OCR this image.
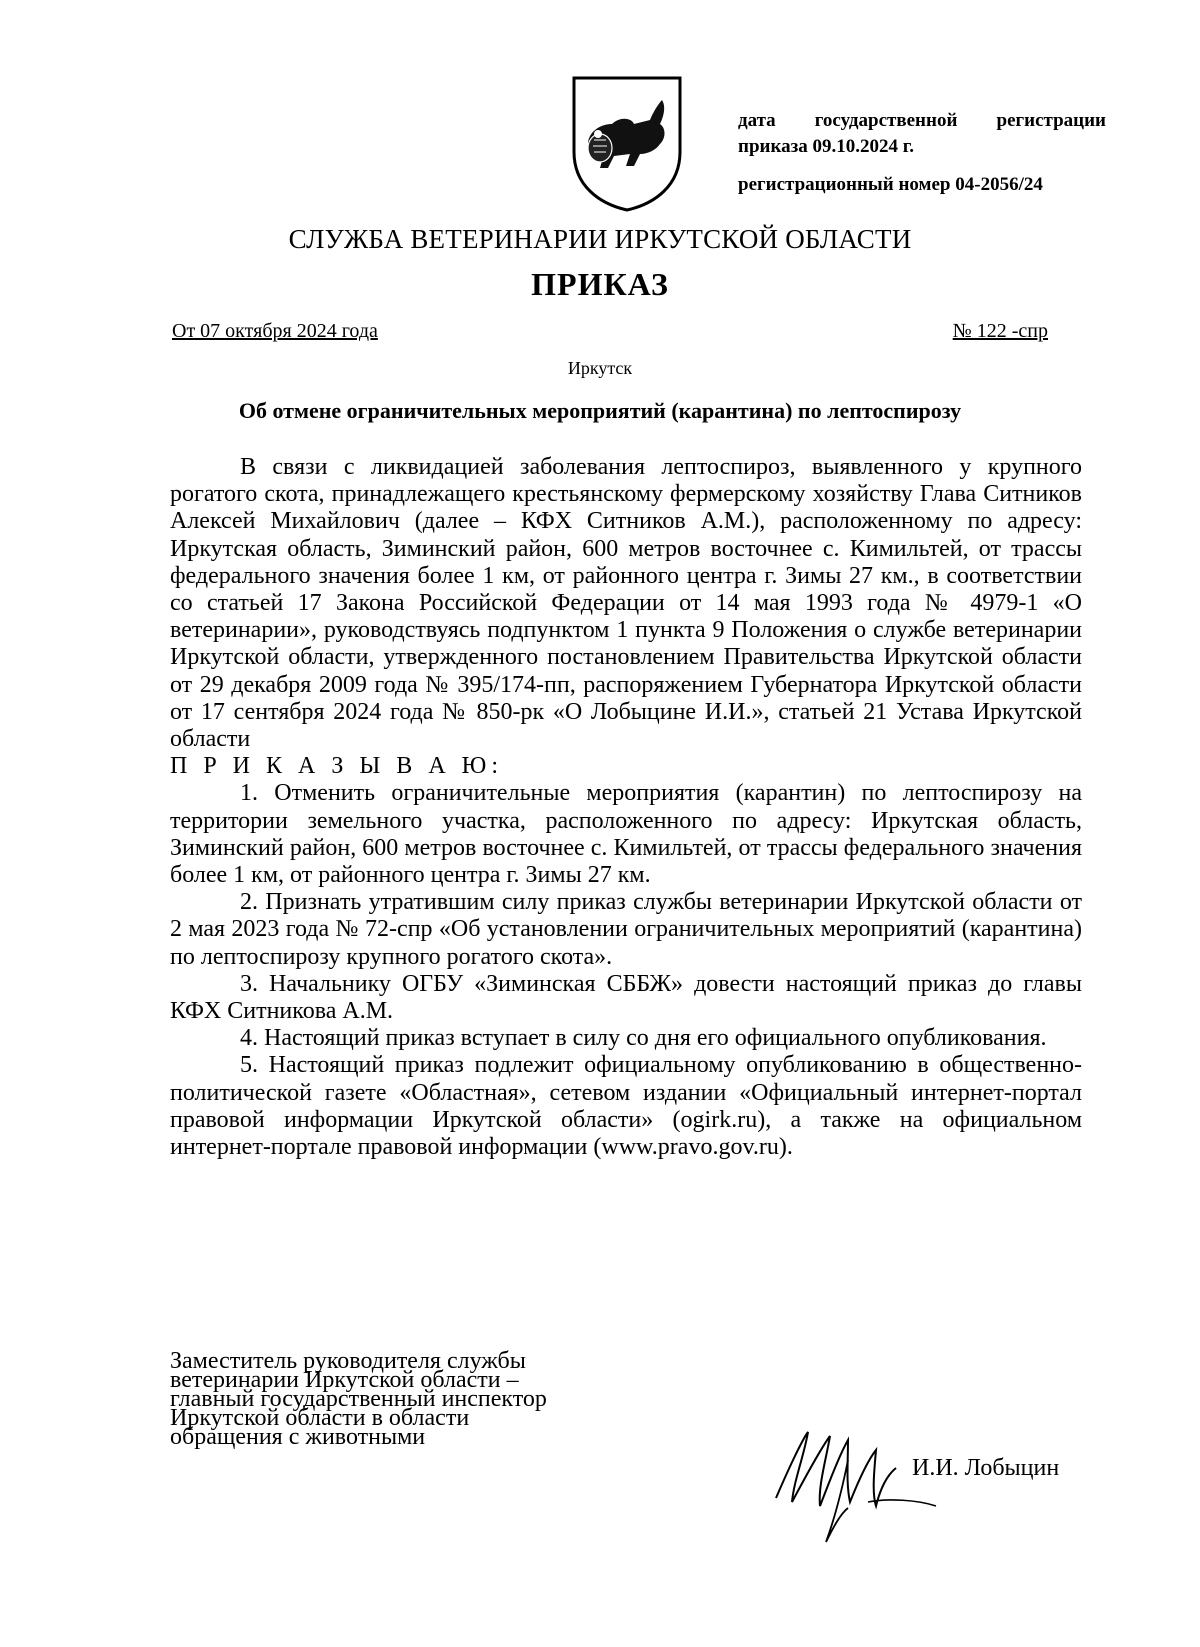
дата государственной регистрации
приказа 09.10.2024 г.
регистрационный номер 04-2056/24
СЛУЖБА ВЕТЕРИНАРИИ ИРКУТСКОЙ ОБЛАСТИ
ПРИКАЗ
От 07 октября 2024 года	№ 122 -спр
Иркутск
Об отмене ограничительных мероприятий (карантина) по лептоспирозу

В связи с ликвидацией заболевания лептоспироз, выявленного у крупного рогатого скота, принадлежащего крестьянскому фермерскому хозяйству Глава Ситников Алексей Михайлович (далее – КФХ Ситников А.М.), расположенному по адресу: Иркутская область, Зиминский район, 600 метров восточнее с. Кимильтей, от трассы федерального значения более 1 км, от районного центра г. Зимы 27 км., в соответствии со статьей 17 Закона Российской Федерации от 14 мая 1993 года № 4979-1 «О ветеринарии», руководствуясь подпунктом 1 пункта 9 Положения о службе ветеринарии Иркутской области, утвержденного постановлением Правительства Иркутской области от 29 декабря 2009 года № 395/174-пп, распоряжением Губернатора Иркутской области от 17 сентября 2024 года № 850-рк «О Лобыцине И.И.», статьей 21 Устава Иркутской области

П Р И К А З Ы В А Ю:

1. Отменить ограничительные мероприятия (карантин) по лептоспирозу на территории земельного участка, расположенного по адресу: Иркутская область, Зиминский район, 600 метров восточнее с. Кимильтей, от трассы федерального значения более 1 км, от районного центра г. Зимы 27 км.

2. Признать утратившим силу приказ службы ветеринарии Иркутской области от 2 мая 2023 года № 72-спр «Об установлении ограничительных мероприятий (карантина) по лептоспирозу крупного рогатого скота».

3. Начальнику ОГБУ «Зиминская СББЖ» довести настоящий приказ до главы КФХ Ситникова А.М.

4. Настоящий приказ вступает в силу со дня его официального опубликования.

5. Настоящий приказ подлежит официальному опубликованию в общественно-политической газете «Областная», сетевом издании «Официальный интернет-портал правовой информации Иркутской области» (ogirk.ru), а также на официальном интернет-портале правовой информации (www.pravo.gov.ru).

Заместитель руководителя службы
ветеринарии Иркутской области –
главный государственный инспектор
Иркутской области в области
обращения с животными
И.И. Лобыцин
